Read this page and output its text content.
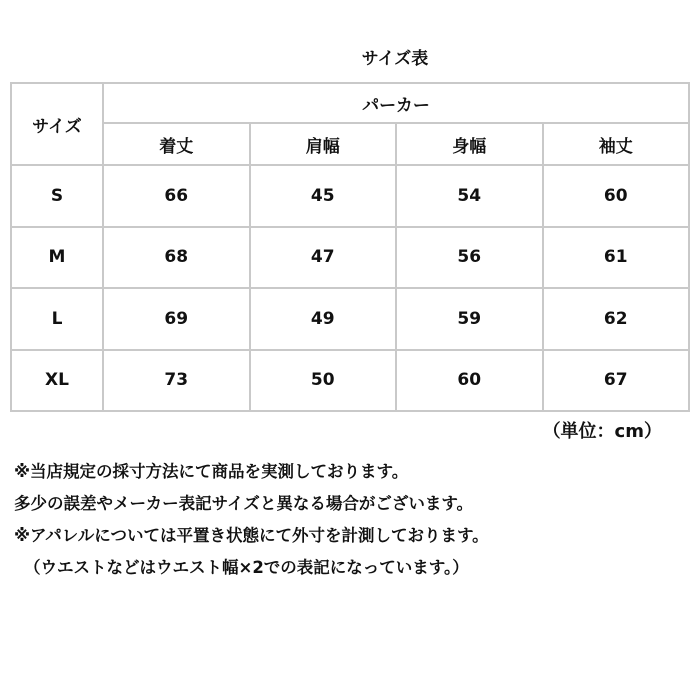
サイズ表
サイズ	パーカー			
	着丈	肩幅	身幅	袖丈
S	66	45	54	60
M	68	47	56	61
L	69	49	59	62
XL	73	50	60	67
（単位：cm）
※当店規定の採寸方法にて商品を実測しております。
多少の誤差やメーカー表記サイズと異なる場合がございます。
※アパレルについては平置き状態にて外寸を計測しております。
（ウエストなどはウエスト幅×2での表記になっています。）
